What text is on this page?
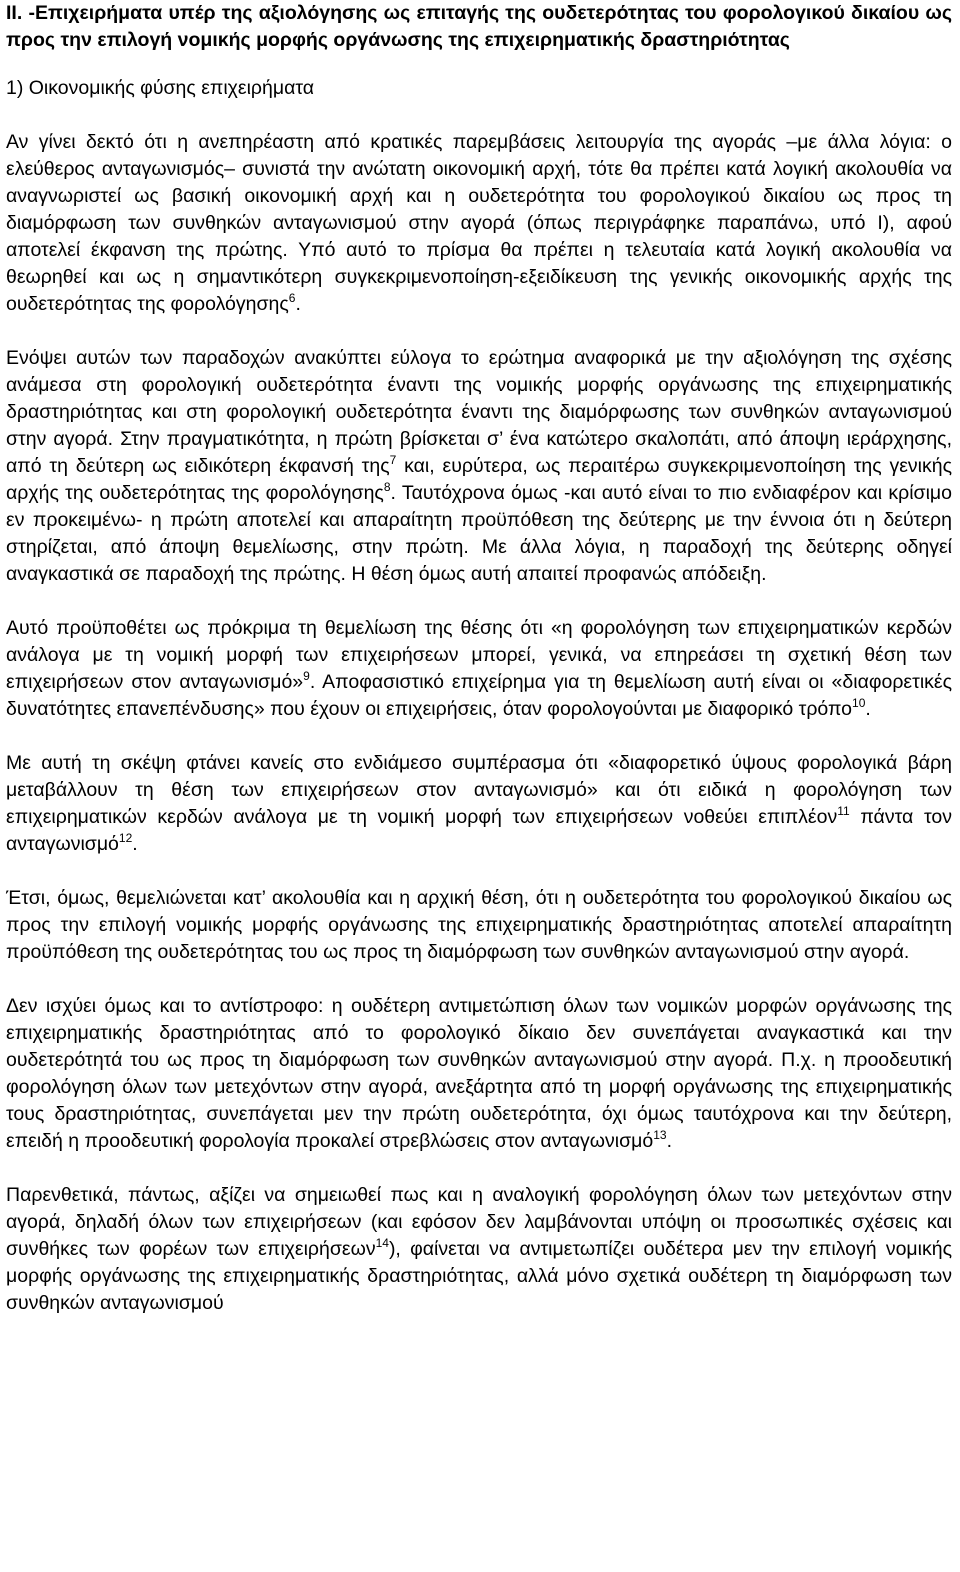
ΙΙ. -Επιχειρήματα υπέρ της αξιολόγησης ως επιταγής της ουδετερότητας του φορολογικού δικαίου ως προς την επιλογή νομικής μορφής οργάνωσης της επιχειρηματικής δραστηριότητας

1) Οικονομικής φύσης επιχειρήματα

Αν γίνει δεκτό ότι η ανεπηρέαστη από κρατικές παρεμβάσεις λειτουργία της αγοράς –με άλλα λόγια: ο ελεύθερος ανταγωνισμός– συνιστά την ανώτατη οικονομική αρχή, τότε θα πρέπει κατά λογική ακολουθία να αναγνωριστεί ως βασική οικονομική αρχή και η ουδετερότητα του φορολογικού δικαίου ως προς τη διαμόρφωση των συνθηκών ανταγωνισμού στην αγορά (όπως περιγράφηκε παραπάνω, υπό Ι), αφού αποτελεί έκφανση της πρώτης. Υπό αυτό το πρίσμα θα πρέπει η τελευταία κατά λογική ακολουθία να θεωρηθεί και ως η σημαντικότερη συγκεκριμενοποίηση-εξειδίκευση της γενικής οικονομικής αρχής της ουδετερότητας της φορολόγησης$^6$.

Ενόψει αυτών των παραδοχών ανακύπτει εύλογα το ερώτημα αναφορικά με την αξιολόγηση της σχέσης ανάμεσα στη φορολογική ουδετερότητα έναντι της νομικής μορφής οργάνωσης της επιχειρηματικής δραστηριότητας και στη φορολογική ουδετερότητα έναντι της διαμόρφωσης των συνθηκών ανταγωνισμού στην αγορά. Στην πραγματικότητα, η πρώτη βρίσκεται σ’ ένα κατώτερο σκαλοπάτι, από άποψη ιεράρχησης, από τη δεύτερη ως ειδικότερη έκφανσή της$^7$ και, ευρύτερα, ως περαιτέρω συγκεκριμενοποίηση της γενικής αρχής της ουδετερότητας της φορολόγησης$^8$. Ταυτόχρονα όμως -και αυτό είναι το πιο ενδιαφέρον και κρίσιμο εν προκειμένω- η πρώτη αποτελεί και απαραίτητη προϋπόθεση της δεύτερης με την έννοια ότι η δεύτερη στηρίζεται, από άποψη θεμελίωσης, στην πρώτη. Με άλλα λόγια, η παραδοχή της δεύτερης οδηγεί αναγκαστικά σε παραδοχή της πρώτης. Η θέση όμως αυτή απαιτεί προφανώς απόδειξη.

Αυτό προϋποθέτει ως πρόκριμα τη θεμελίωση της θέσης ότι «η φορολόγηση των επιχειρηματικών κερδών ανάλογα με τη νομική μορφή των επιχειρήσεων μπορεί, γενικά, να επηρεάσει τη σχετική θέση των επιχειρήσεων στον ανταγωνισμό»$^9$. Αποφασιστικό επιχείρημα για τη θεμελίωση αυτή είναι οι «διαφορετικές δυνατότητες επανεπένδυσης» που έχουν οι επιχειρήσεις, όταν φορολογούνται με διαφορικό τρόπο$^{10}$.

Με αυτή τη σκέψη φτάνει κανείς στο ενδιάμεσο συμπέρασμα ότι «διαφορετικό ύψους φορολογικά βάρη μεταβάλλουν τη θέση των επιχειρήσεων στον ανταγωνισμό» και ότι ειδικά η φορολόγηση των επιχειρηματικών κερδών ανάλογα με τη νομική μορφή των επιχειρήσεων νοθεύει επιπλέον$^{11}$ πάντα τον ανταγωνισμό$^{12}$.

Έτσι, όμως, θεμελιώνεται κατ’ ακολουθία και η αρχική θέση, ότι η ουδετερότητα του φορολογικού δικαίου ως προς την επιλογή νομικής μορφής οργάνωσης της επιχειρηματικής δραστηριότητας αποτελεί απαραίτητη προϋπόθεση της ουδετερότητας του ως προς τη διαμόρφωση των συνθηκών ανταγωνισμού στην αγορά.

Δεν ισχύει όμως και το αντίστροφο: η ουδέτερη αντιμετώπιση όλων των νομικών μορφών οργάνωσης της επιχειρηματικής δραστηριότητας από το φορολογικό δίκαιο δεν συνεπάγεται αναγκαστικά και την ουδετερότητά του ως προς τη διαμόρφωση των συνθηκών ανταγωνισμού στην αγορά. Π.χ. η προοδευτική φορολόγηση όλων των μετεχόντων στην αγορά, ανεξάρτητα από τη μορφή οργάνωσης της επιχειρηματικής τους δραστηριότητας, συνεπάγεται μεν την πρώτη ουδετερότητα, όχι όμως ταυτόχρονα και την δεύτερη, επειδή η προοδευτική φορολογία προκαλεί στρεβλώσεις στον ανταγωνισμό$^{13}$.

Παρενθετικά, πάντως, αξίζει να σημειωθεί πως και η αναλογική φορολόγηση όλων των μετεχόντων στην αγορά, δηλαδή όλων των επιχειρήσεων (και εφόσον δεν λαμβάνονται υπόψη οι προσωπικές σχέσεις και συνθήκες των φορέων των επιχειρήσεων$^{14}$), φαίνεται να αντιμετωπίζει ουδέτερα μεν την επιλογή νομικής μορφής οργάνωσης της επιχειρηματικής δραστηριότητας, αλλά μόνο σχετικά ουδέτερη τη διαμόρφωση των συνθηκών ανταγωνισμού
